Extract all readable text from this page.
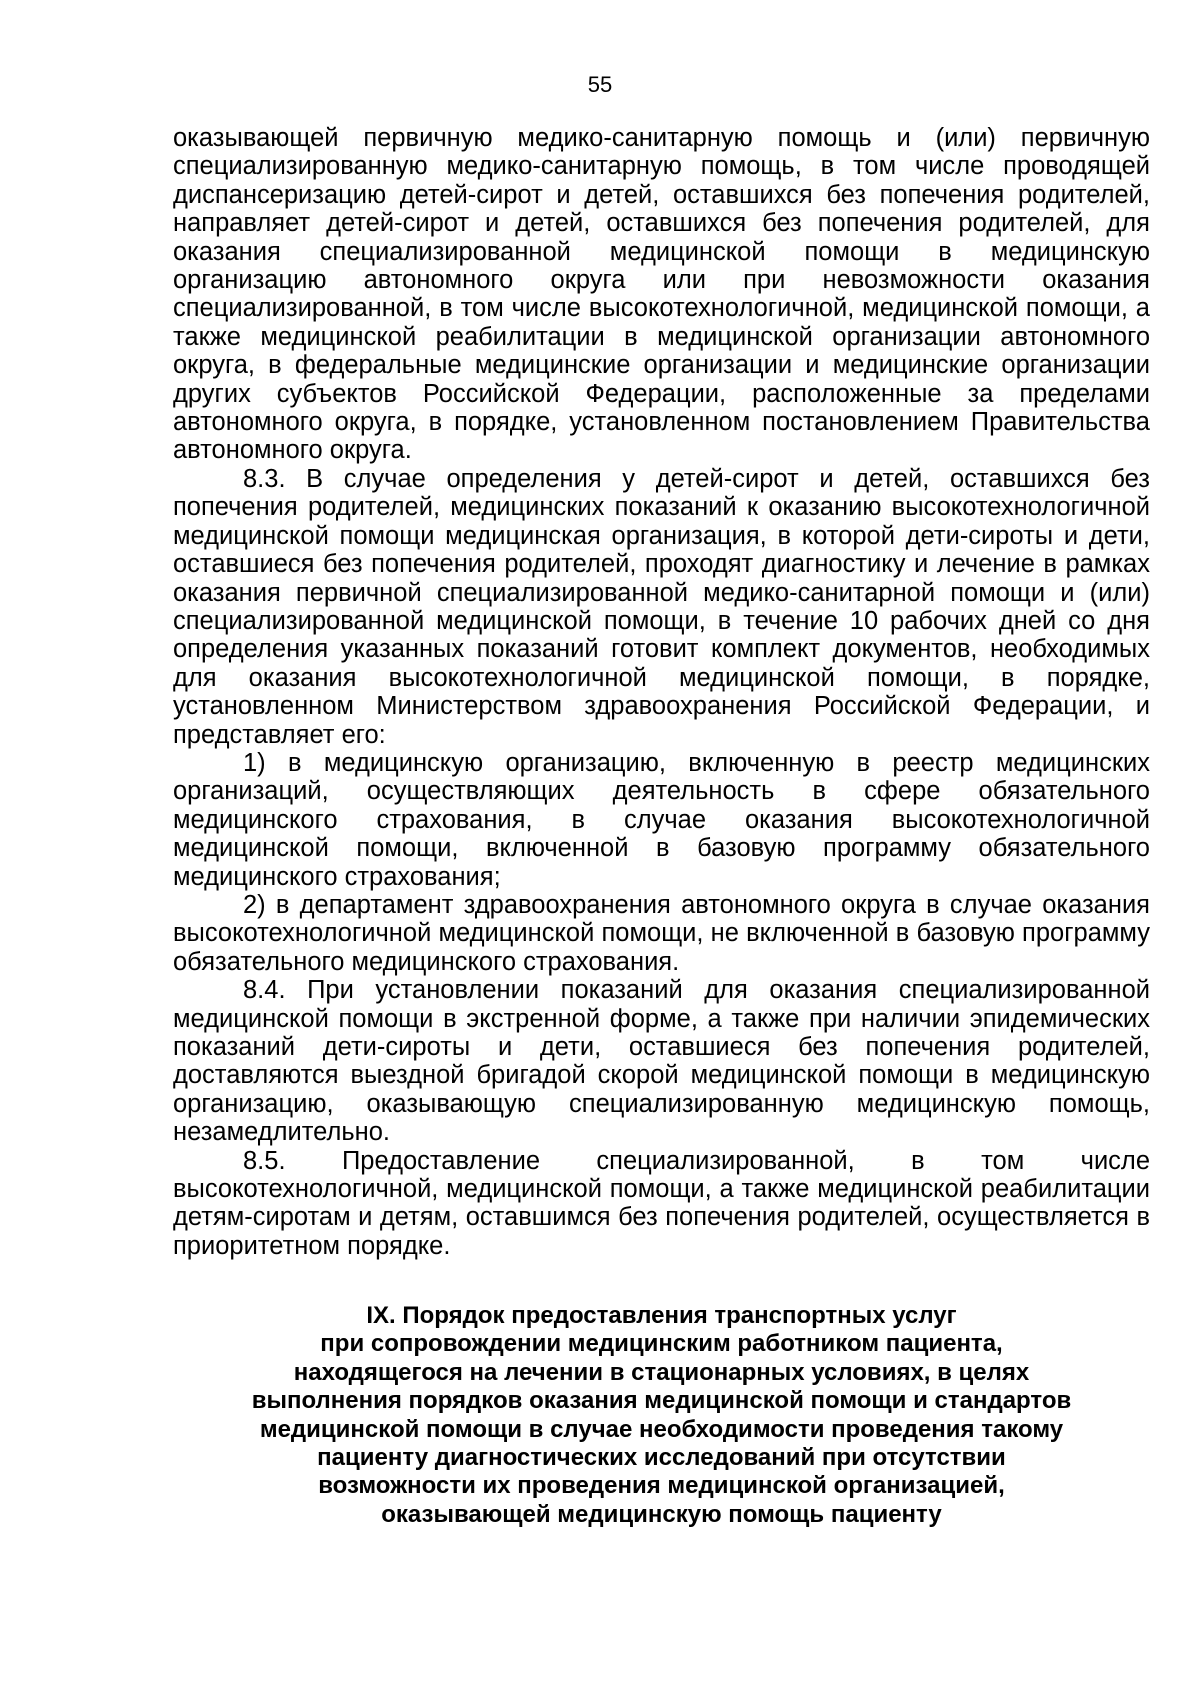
55

оказывающей первичную медико-санитарную помощь и (или) первичную специализированную медико-санитарную помощь, в том числе проводящей диспансеризацию детей-сирот и детей, оставшихся без попечения родителей, направляет детей-сирот и детей, оставшихся без попечения родителей, для оказания специализированной медицинской помощи в медицинскую организацию автономного округа или при невозможности оказания специализированной, в том числе высокотехнологичной, медицинской помощи, а также медицинской реабилитации в медицинской организации автономного округа, в федеральные медицинские организации и медицинские организации других субъектов Российской Федерации, расположенные за пределами автономного округа, в порядке, установленном постановлением Правительства автономного округа.

8.3. В случае определения у детей-сирот и детей, оставшихся без попечения родителей, медицинских показаний к оказанию высокотехнологичной медицинской помощи медицинская организация, в которой дети-сироты и дети, оставшиеся без попечения родителей, проходят диагностику и лечение в рамках оказания первичной специализированной медико-санитарной помощи и (или) специализированной медицинской помощи, в течение 10 рабочих дней со дня определения указанных показаний готовит комплект документов, необходимых для оказания высокотехнологичной медицинской помощи, в порядке, установленном Министерством здравоохранения Российской Федерации, и представляет его:

1) в медицинскую организацию, включенную в реестр медицинских организаций, осуществляющих деятельность в сфере обязательного медицинского страхования, в случае оказания высокотехнологичной медицинской помощи, включенной в базовую программу обязательного медицинского страхования;

2) в департамент здравоохранения автономного округа в случае оказания высокотехнологичной медицинской помощи, не включенной в базовую программу обязательного медицинского страхования.

8.4. При установлении показаний для оказания специализированной медицинской помощи в экстренной форме, а также при наличии эпидемических показаний дети-сироты и дети, оставшиеся без попечения родителей, доставляются выездной бригадой скорой медицинской помощи в медицинскую организацию, оказывающую специализированную медицинскую помощь, незамедлительно.

8.5. Предоставление специализированной, в том числе высокотехнологичной, медицинской помощи, а также медицинской реабилитации детям-сиротам и детям, оставшимся без попечения родителей, осуществляется в приоритетном порядке.

IX. Порядок предоставления транспортных услуг
при сопровождении медицинским работником пациента,
находящегося на лечении в стационарных условиях, в целях
выполнения порядков оказания медицинской помощи и стандартов
медицинской помощи в случае необходимости проведения такому
пациенту диагностических исследований при отсутствии
возможности их проведения медицинской организацией,
оказывающей медицинскую помощь пациенту
